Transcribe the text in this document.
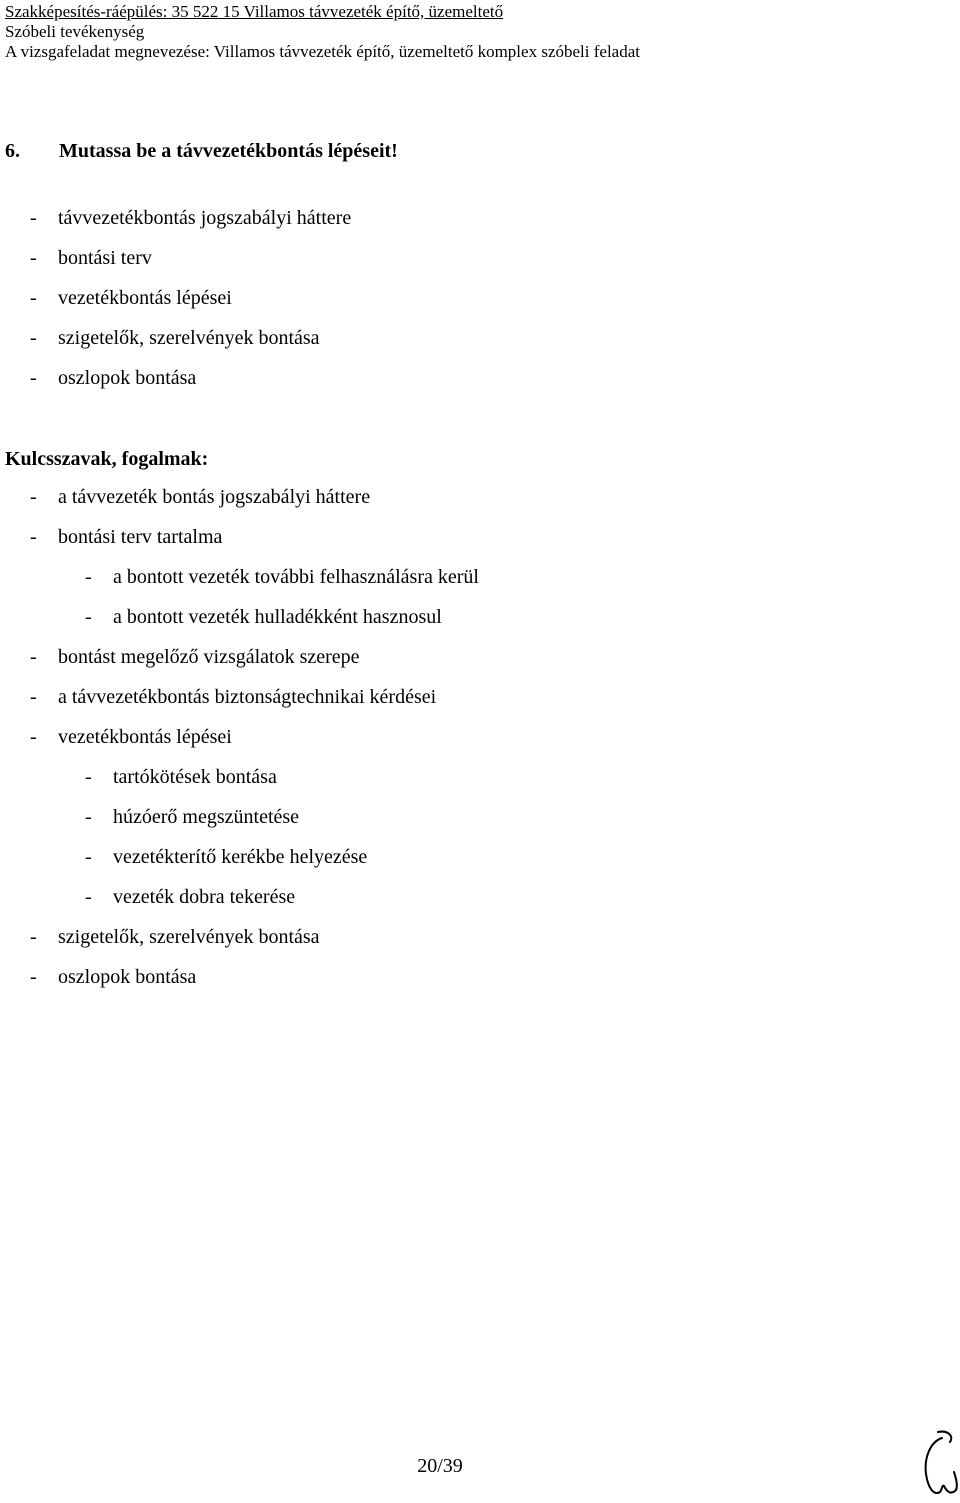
Szakképesítés-ráépülés: 35 522 15 Villamos távvezeték építő, üzemeltető
Szóbeli tevékenység
A vizsgafeladat megnevezése: Villamos távvezeték építő, üzemeltető komplex szóbeli feladat
6. Mutassa be a távvezetékbontás lépéseit!
- távvezetékbontás jogszabályi háttere
- bontási terv
- vezetékbontás lépései
- szigetelők, szerelvények bontása
- oszlopok bontása
Kulcsszavak, fogalmak:
- a távvezeték bontás jogszabályi háttere
- bontási terv tartalma
- a bontott vezeték további felhasználásra kerül
- a bontott vezeték hulladékként hasznosul
- bontást megelőző vizsgálatok szerepe
- a távvezetékbontás biztonságtechnikai kérdései
- vezetékbontás lépései
- tartókötések bontása
- húzóerő megszüntetése
- vezetékterítő kerékbe helyezése
- vezeték dobra tekerése
- szigetelők, szerelvények bontása
- oszlopok bontása
20/39
